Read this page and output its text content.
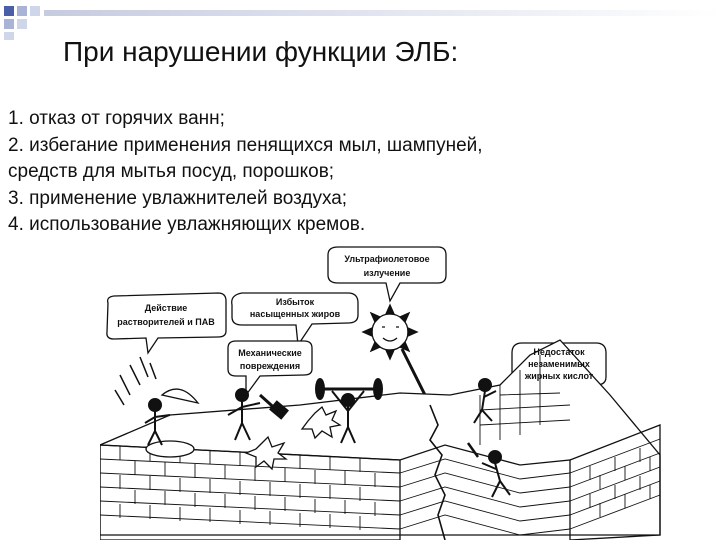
При нарушении функции ЭЛБ:
1. отказ от горячих ванн;
2. избегание применения пенящихся мыл, шампуней,
средств для мытья посуд, порошков;
3. применение увлажнителей воздуха;
4. использование увлажняющих кремов.
Действие
растворителей и ПАВ
Избыток
насыщенных жиров
Ультрафиолетовое
излучение
Механические
повреждения
Недостаток
незаменимых
жирных кислот
